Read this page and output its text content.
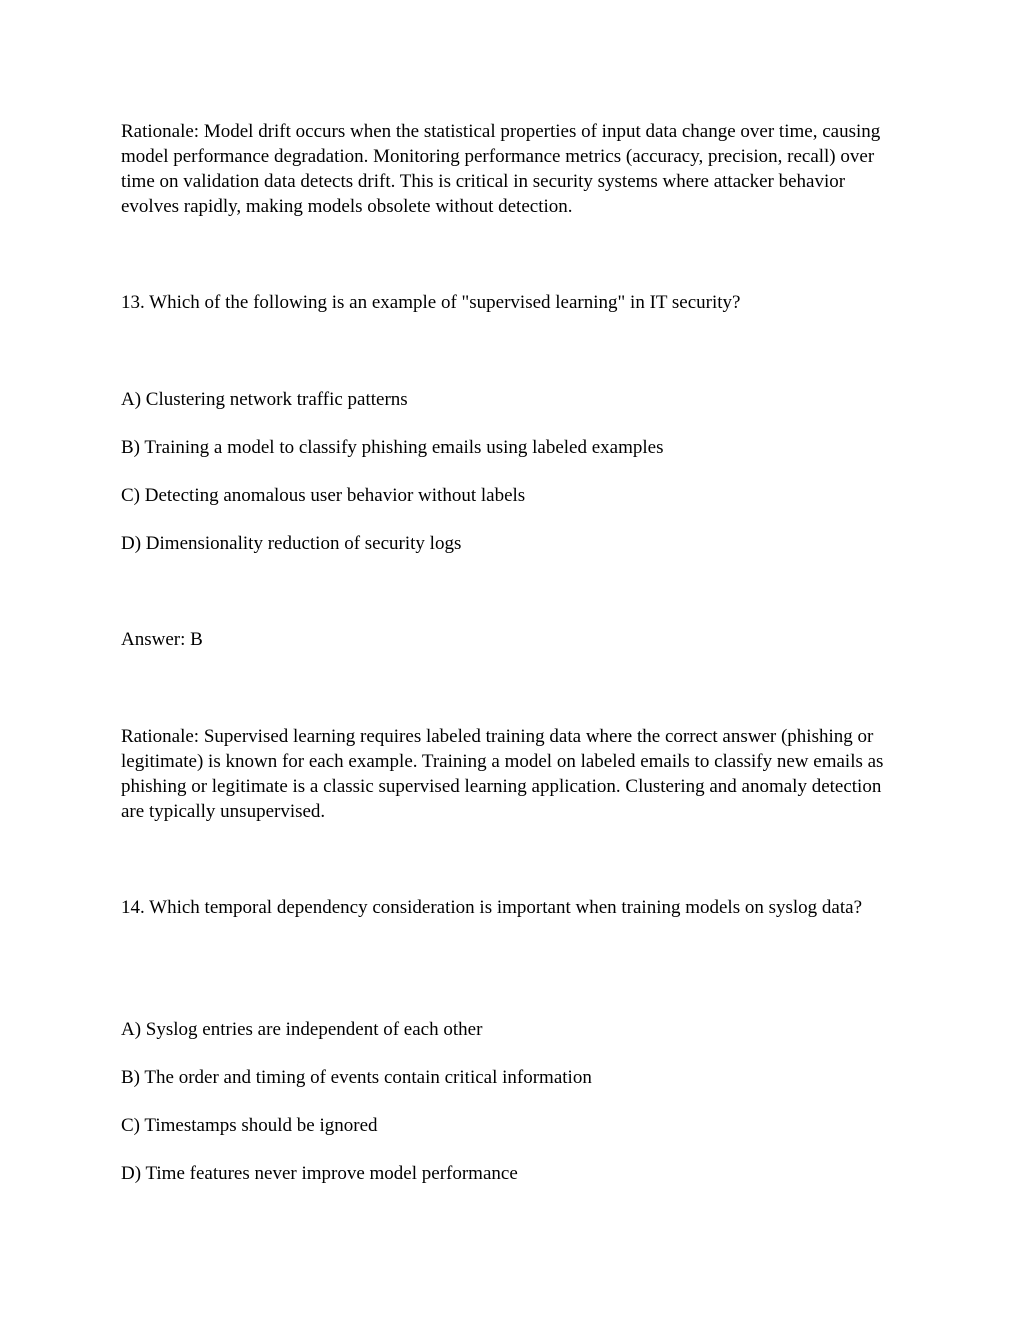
Rationale: Model drift occurs when the statistical properties of input data change over time, causing model performance degradation. Monitoring performance metrics (accuracy, precision, recall) over time on validation data detects drift. This is critical in security systems where attacker behavior evolves rapidly, making models obsolete without detection.

13. Which of the following is an example of "supervised learning" in IT security?

A) Clustering network traffic patterns

B) Training a model to classify phishing emails using labeled examples

C) Detecting anomalous user behavior without labels

D) Dimensionality reduction of security logs

Answer: B

Rationale: Supervised learning requires labeled training data where the correct answer (phishing or legitimate) is known for each example. Training a model on labeled emails to classify new emails as phishing or legitimate is a classic supervised learning application. Clustering and anomaly detection are typically unsupervised.

14. Which temporal dependency consideration is important when training models on syslog data?

A) Syslog entries are independent of each other

B) The order and timing of events contain critical information

C) Timestamps should be ignored

D) Time features never improve model performance
